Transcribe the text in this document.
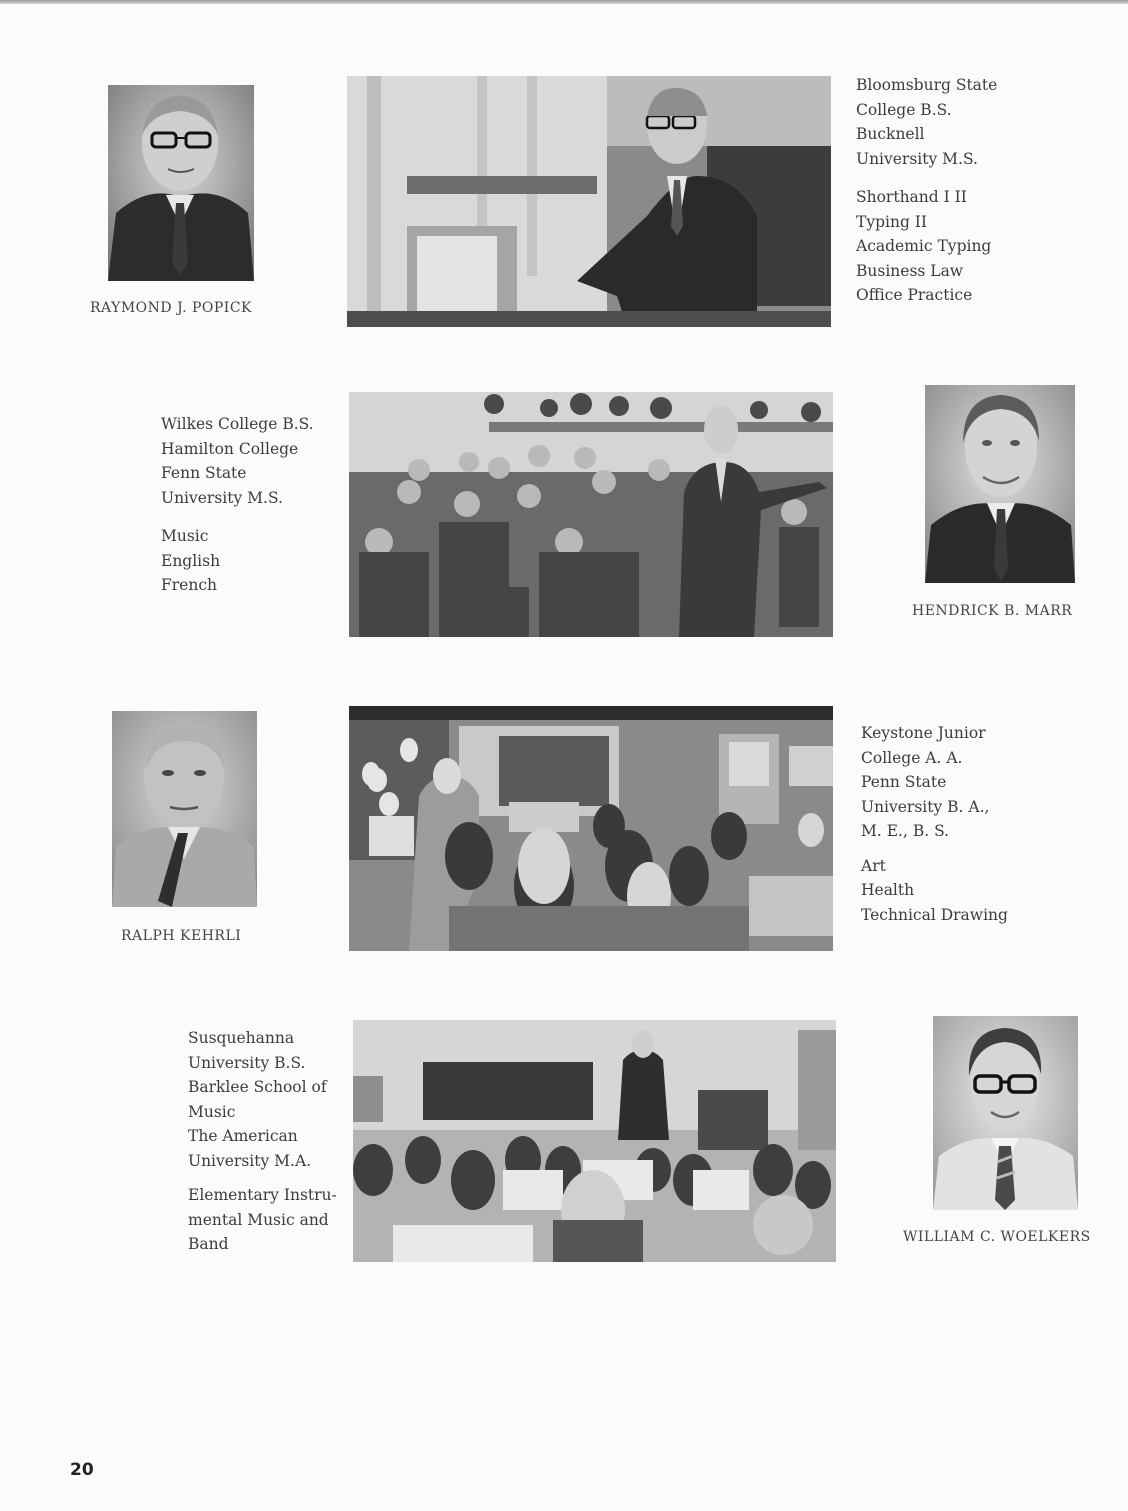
RAYMOND J. POPICK
Bloomsburg State
College B.S.
Bucknell
University M.S.
Shorthand I II
Typing II
Academic Typing
Business Law
Office Practice
Wilkes College B.S.
Hamilton College
Fenn State
University M.S.
Music
English
French
HENDRICK B. MARR
RALPH KEHRLI
Keystone Junior
College A. A.
Penn State
University B. A.,
M. E., B. S.
Art
Health
Technical Drawing
Susquehanna
University B.S.
Barklee School of
Music
The American
University M.A.
Elementary Instru-
mental Music and
Band	WILLIAM C. WOELKERS
20
